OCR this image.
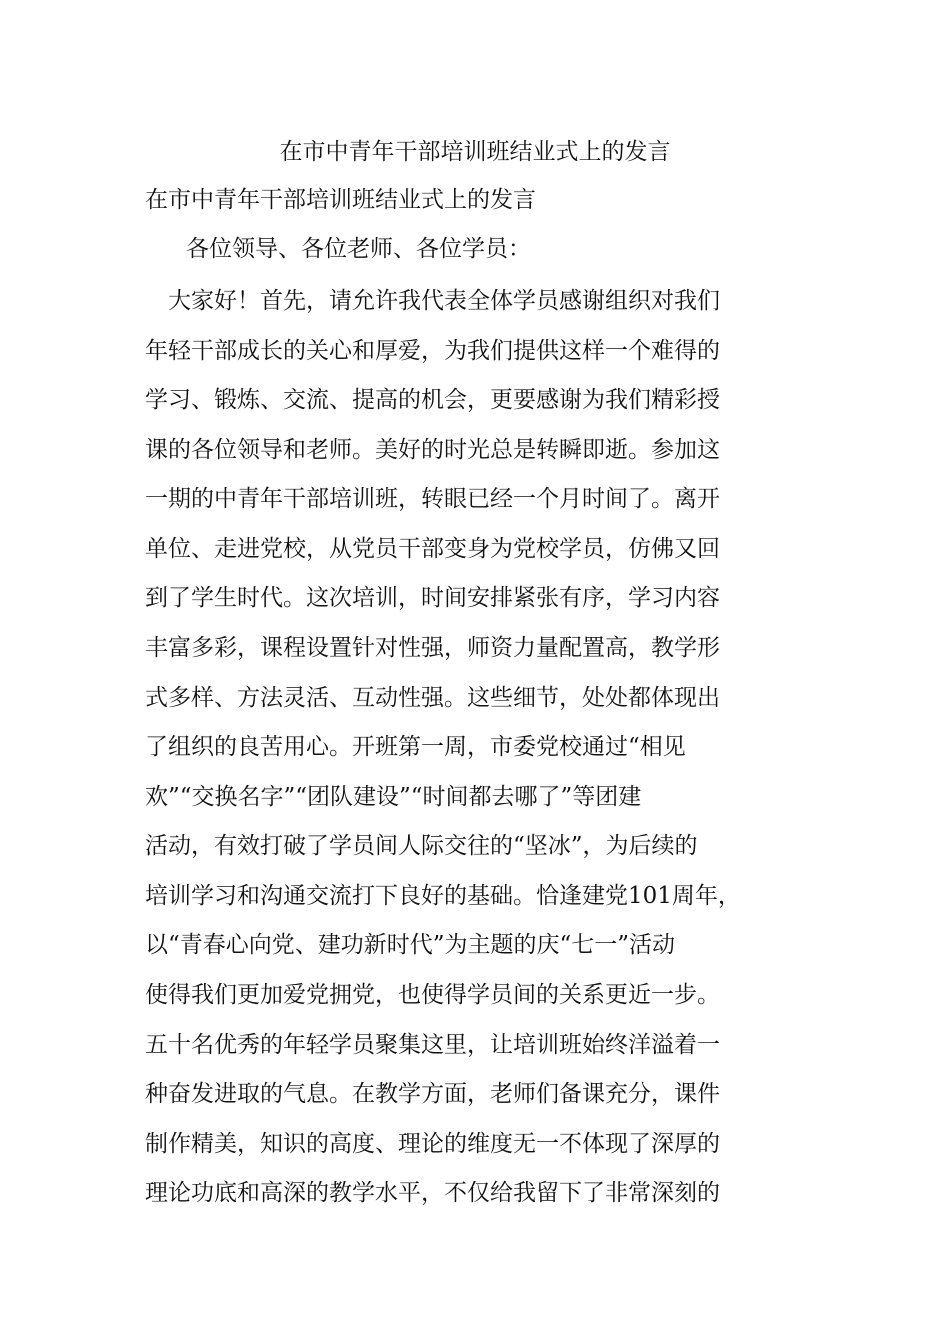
在市中青年干部培训班结业式上的发言
在市中青年干部培训班结业式上的发言
各位领导、各位老师、各位学员：
　大家好！首先，请允许我代表全体学员感谢组织对我们
年轻干部成长的关心和厚爱，为我们提供这样一个难得的
学习、锻炼、交流、提高的机会，更要感谢为我们精彩授
课的各位领导和老师。美好的时光总是转瞬即逝。参加这
一期的中青年干部培训班，转眼已经一个月时间了。离开
单位、走进党校，从党员干部变身为党校学员，仿佛又回
到了学生时代。这次培训，时间安排紧张有序，学习内容
丰富多彩，课程设置针对性强，师资力量配置高，教学形
式多样、方法灵活、互动性强。这些细节，处处都体现出
了组织的良苦用心。开班第一周，市委党校通过“相见
欢”“交换名字”“团队建设”“时间都去哪了”等团建
活动，有效打破了学员间人际交往的“坚冰”，为后续的
培训学习和沟通交流打下良好的基础。恰逢建党101周年，
以“青春心向党、建功新时代”为主题的庆“七一”活动
使得我们更加爱党拥党，也使得学员间的关系更近一步。
五十名优秀的年轻学员聚集这里，让培训班始终洋溢着一
种奋发进取的气息。在教学方面，老师们备课充分，课件
制作精美，知识的高度、理论的维度无一不体现了深厚的
理论功底和高深的教学水平，不仅给我留下了非常深刻的
